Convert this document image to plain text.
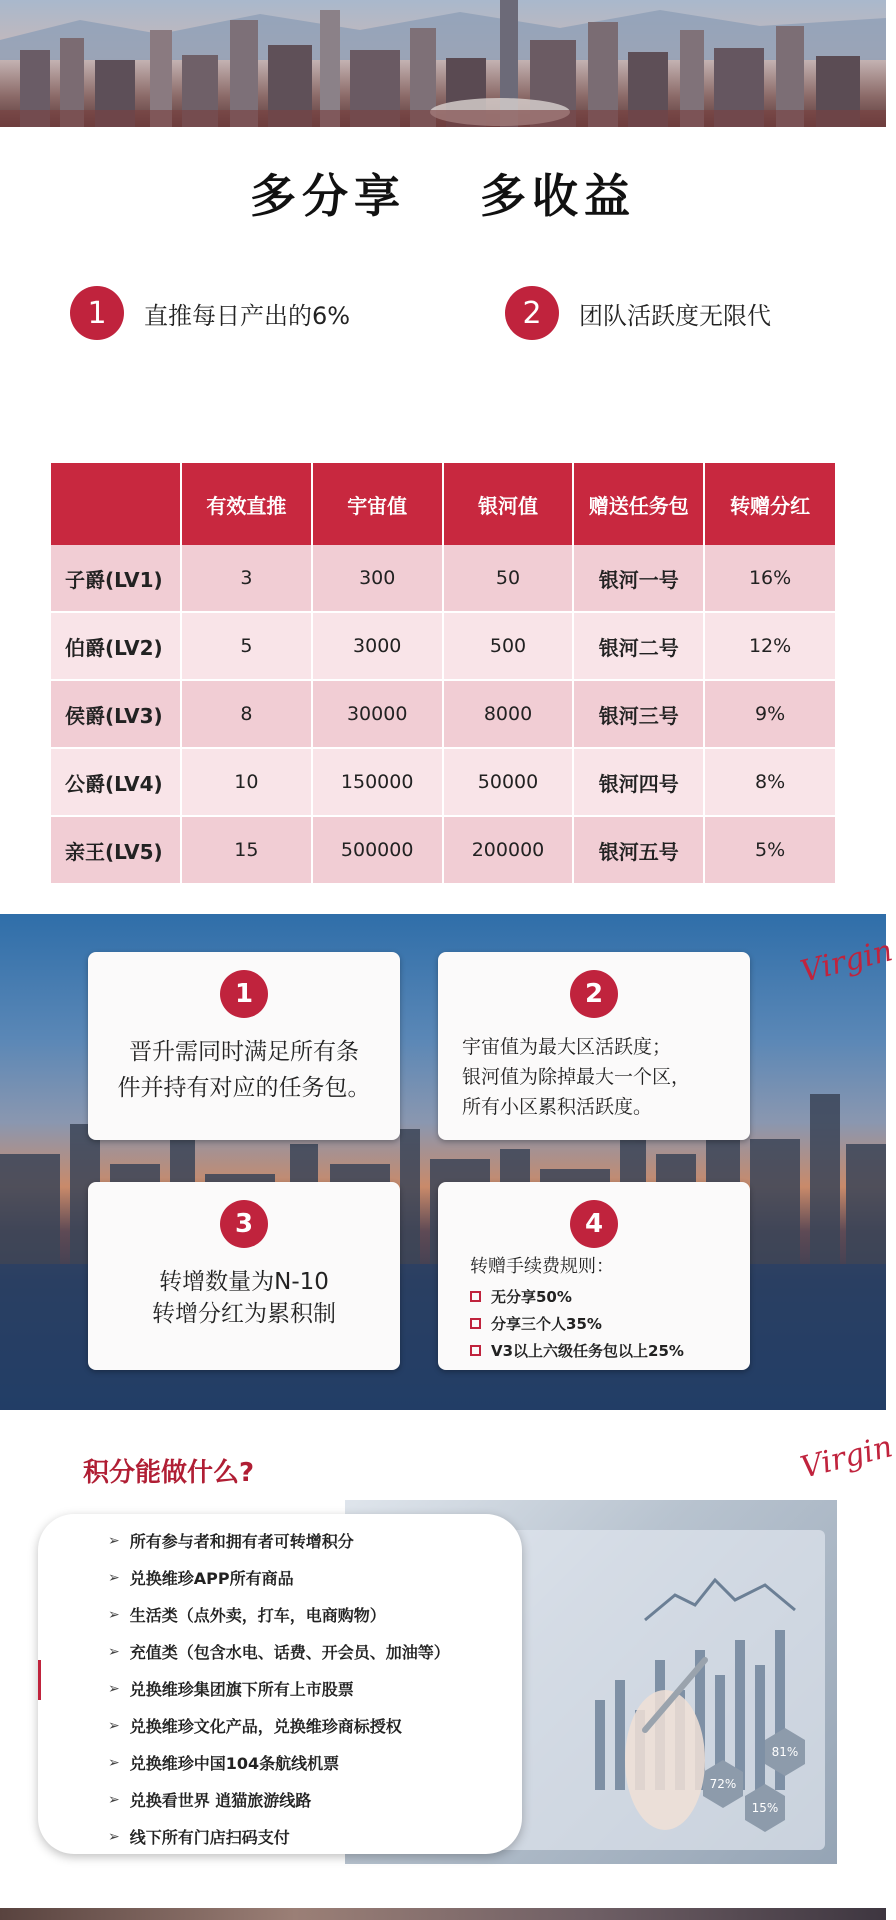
多分享 多收益
1	直推每日产出的6%	2	团队活跃度无限代
	有效直推	宇宙值	银河值	赠送任务包	转赠分红
子爵(LV1)	3	300	50	银河一号	16%
伯爵(LV2)	5	3000	500	银河二号	12%
侯爵(LV3)	8	30000	8000	银河三号	9%
公爵(LV4)	10	150000	50000	银河四号	8%
亲王(LV5)	15	500000	200000	银河五号	5%
Virgin
1
晋升需同时满足所有条
件并持有对应的任务包。
2
宇宙值为最大区活跃度；
银河值为除掉最大一个区，
所有小区累积活跃度。
3
转增数量为N-10
转增分红为累积制
4
转赠手续费规则：
无分享50%
分享三个人35%
V3以上六级任务包以上25%
积分能做什么?	Virgin
81%
72%
15%
➢ 所有参与者和拥有者可转增积分
➢ 兑换维珍APP所有商品
➢ 生活类（点外卖，打车，电商购物）
➢ 充值类（包含水电、话费、开会员、加油等）
➢ 兑换维珍集团旗下所有上市股票
➢ 兑换维珍文化产品，兑换维珍商标授权
➢ 兑换维珍中国104条航线机票
➢ 兑换看世界 逍猫旅游线路
➢ 线下所有门店扫码支付
